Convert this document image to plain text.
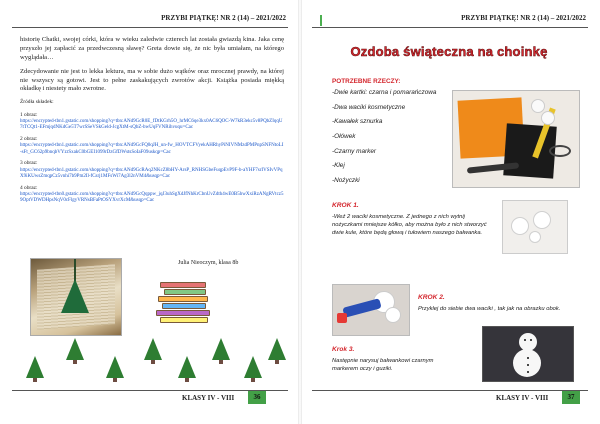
PRZYBI PIĄTKĘ! NR 2 (14) – 2021/2022

historię Chatki, swojej córki, która w wieku zaledwie czterech lat została gwiazdą kina. Jaka cenę przyszło jej zapłacić za przedwczesną sławę? Greta dowie się, że nic była umiałam, na którego wyglądała…

Zdecydowanie nie jest to lekka lektura, ma w sobie dużo wątków oraz mrocznej prawdy, na której nie wszyscy są gotowi. Jest to pełne zaskakujących zwrotów akcji. Książka posiada miękką okładkę i niestety mało zwrotne.

Źródła składek:

1 obraz:
https://encrypted-tbn1.gstatic.com/shopping?q=tbn:ANd9GcR0E_fDtKGrh5O_hrMC6qe3kx0AC6QOC-W7kR3ekc5v8PQbZIqqU7tTCQt1-EFmjqdNKdGe5T7wrSSeVSkGeld-JcgXtM-sQbZ-bwUqFVNRihvuqu=Cac
2 obraz:
https://encrypted-tbn1.gstatic.com/shopping?q=tbn:ANd9GcFQ0qJH_un-fw_HOVTCFVyekAHRhyPiNIVNMzdPMPnpSNFNtoLI-sFt_GC62p9bnqbVYzrSxakC0bGEI1099rDzGfDWstsSoIaF09uskqp=Cac
3 obraz:
https://encrypted-tbn1.gstatic.com/shopping?q=tbn:ANd9GcRAq2NKcZ8bHY-ArsP_RNHSGbeFuqpEvP9F-b-aYHF7srIVSIvVPqX9iKUwsZmqpCz5vnhi7b9Pm2Il-fCsrj1MFsWi7Ag3l2nVM4&usqp=Cac
4 obraz:
https://encrypted-tbn0.gstatic.com/shopping?q=tbn:ANd9GcQqppw_jqJ3uhSgXdJfNhKrCbnUvZdth4wE0B5hwXxiRzANgRVtcz59OptVDWDHpsNqV0cFlgyVRNsBFaPtOSYXvrXcM&usqp=Cac
Julia Nieoczym, klasa 8b
KLASY IV - VIII	36
PRZYBI PIĄTKĘ! NR 2 (14) – 2021/2022
Ozdoba świąteczna na choinkę
POTRZEBNE RZECZY:
-Dwie kartki: czarna i pomarańczowa
-Dwa waciki kosmetyczne
-Kawałek sznurka
-Ołówek
-Czarny marker
-Klej
-Nożyczki
KROK 1.
-Weź 2 waciki kosmetyczne. Z jednego z nich wytnij nożyczkami mniejsze kółko, aby można było z nich stworzyć dwie kule, które będą głową i tułowiem naszego bałwanka.
KROK 2.
Przyklej do siebie dwa waciki , tak jak na obrazku obok.
Krok 3.
Następnie narysuj bałwankowi czarnym markerem oczy i guziki.
KLASY IV - VIII	37
